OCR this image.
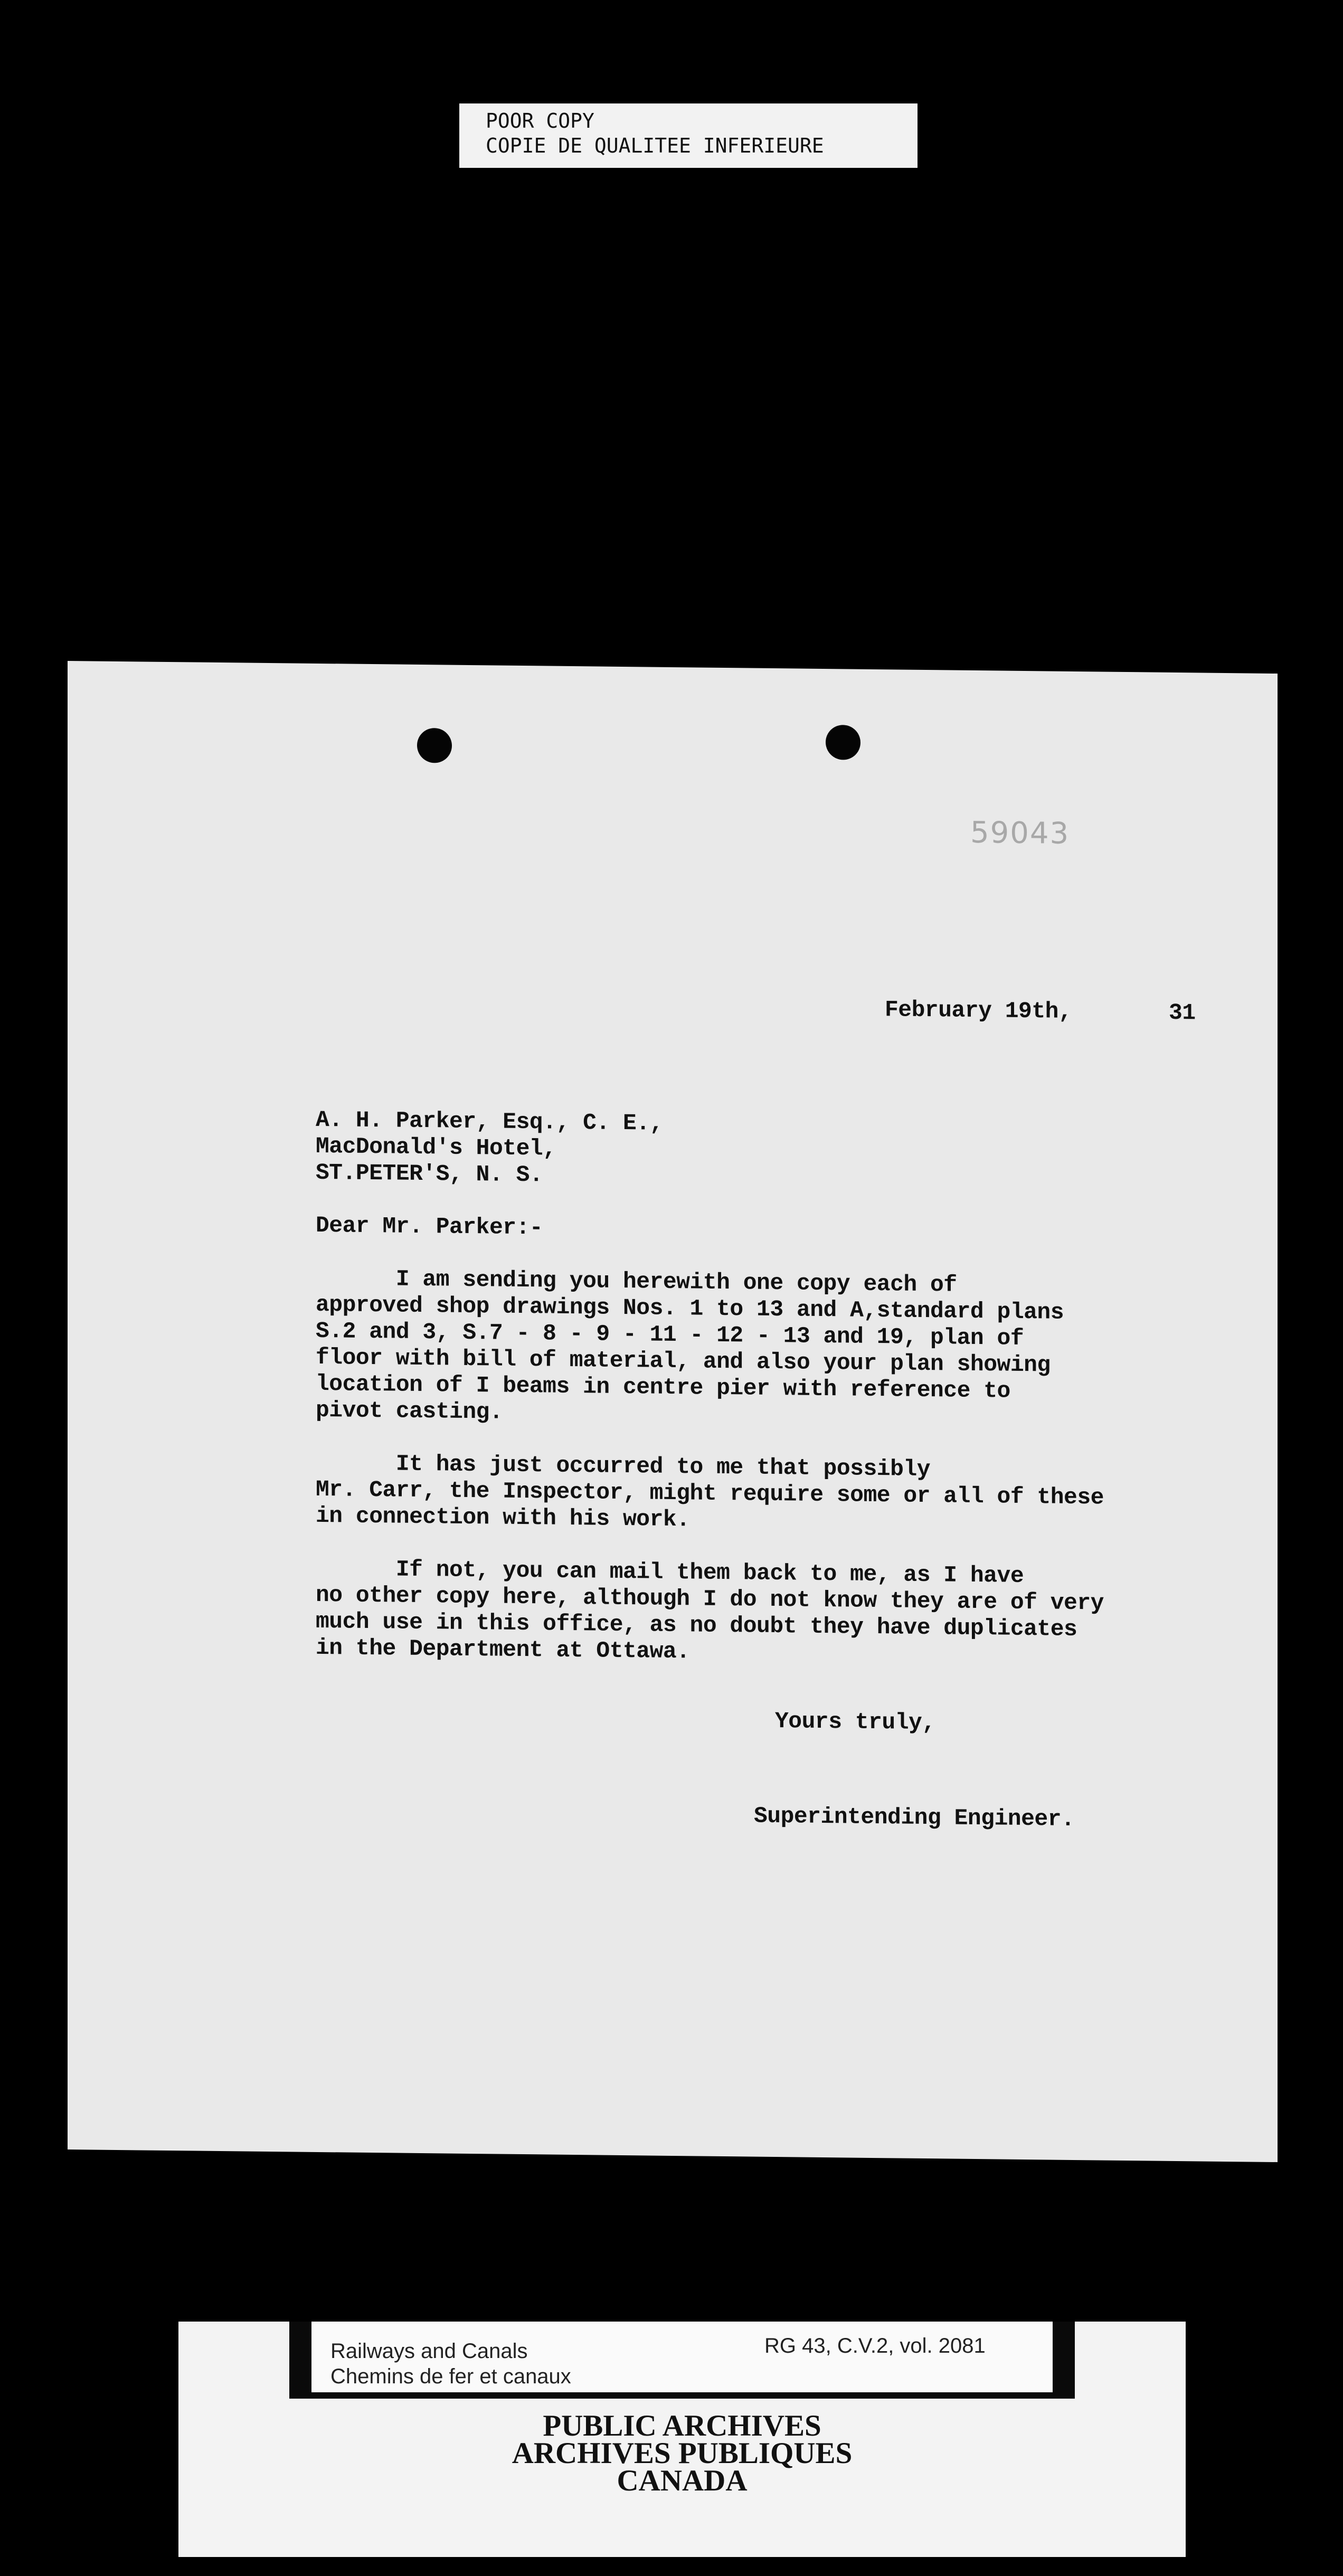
POOR COPY
COPIE DE QUALITEE INFERIEURE
59043
February 19th,	31
A. H. Parker, Esq., C. E.,
MacDonald's Hotel,
ST.PETER'S, N. S.
Dear Mr. Parker:-
I am sending you herewith one copy each of
approved shop drawings Nos. 1 to 13 and A,standard plans
S.2 and 3, S.7 - 8 - 9 - 11 - 12 - 13 and 19, plan of
floor with bill of material, and also your plan showing
location of I beams in centre pier with reference to
pivot casting.
It has just occurred to me that possibly
Mr. Carr, the Inspector, might require some or all of these
in connection with his work.
If not, you can mail them back to me, as I have
no other copy here, although I do not know they are of very
much use in this office, as no doubt they have duplicates
in the Department at Ottawa.
Yours truly,
Superintending Engineer.
Railways and Canals
Chemins de fer et canaux
RG 43, C.V.2, vol. 2081
PUBLIC ARCHIVES
ARCHIVES PUBLIQUES
CANADA
